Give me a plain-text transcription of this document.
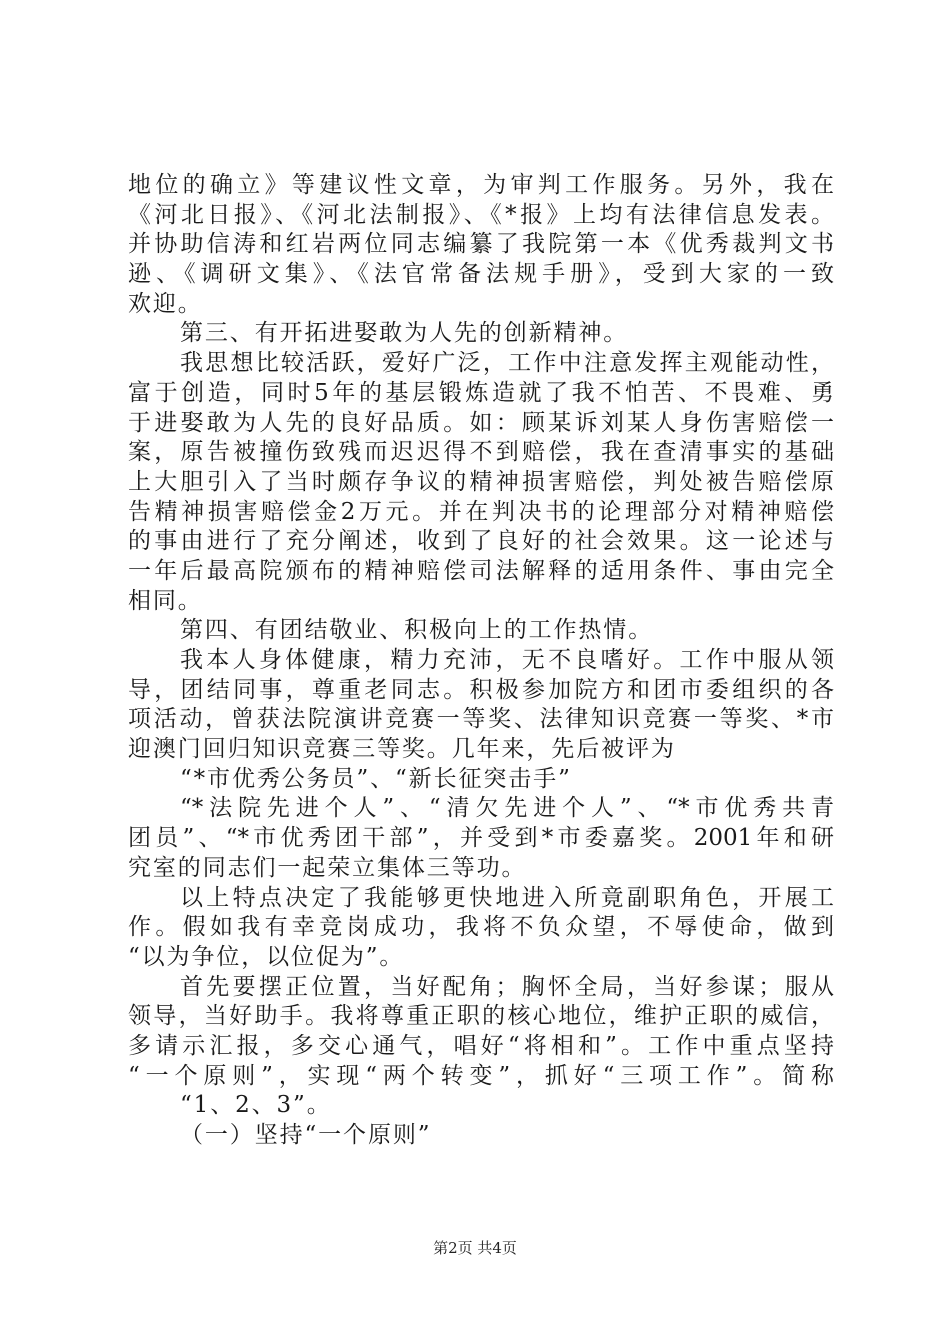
地位的确立》等建议性文章，为审判工作服务。另外，我在
《河北日报》、《河北法制报》、《*报》上均有法律信息发表。
并协助信涛和红岩两位同志编纂了我院第一本《优秀裁判文书
逊、《调研文集》、《法官常备法规手册》，受到大家的一致
欢迎。
第三、有开拓进娶敢为人先的创新精神。
我思想比较活跃，爱好广泛，工作中注意发挥主观能动性，
富于创造，同时5年的基层锻炼造就了我不怕苦、不畏难、勇
于进娶敢为人先的良好品质。如：顾某诉刘某人身伤害赔偿一
案，原告被撞伤致残而迟迟得不到赔偿，我在查清事实的基础
上大胆引入了当时颇存争议的精神损害赔偿，判处被告赔偿原
告精神损害赔偿金2万元。并在判决书的论理部分对精神赔偿
的事由进行了充分阐述，收到了良好的社会效果。这一论述与
一年后最高院颁布的精神赔偿司法解释的适用条件、事由完全
相同。
第四、有团结敬业、积极向上的工作热情。
我本人身体健康，精力充沛，无不良嗜好。工作中服从领
导，团结同事，尊重老同志。积极参加院方和团市委组织的各
项活动，曾获法院演讲竞赛一等奖、法律知识竞赛一等奖、*市
迎澳门回归知识竞赛三等奖。几年来，先后被评为
“*市优秀公务员”、“新长征突击手”
“*法院先进个人”、“清欠先进个人”、“*市优秀共青
团员”、“*市优秀团干部”，并受到*市委嘉奖。2001年和研
究室的同志们一起荣立集体三等功。
以上特点决定了我能够更快地进入所竟副职角色，开展工
作。假如我有幸竞岗成功，我将不负众望，不辱使命，做到
“以为争位，以位促为”。
首先要摆正位置，当好配角；胸怀全局，当好参谋；服从
领导，当好助手。我将尊重正职的核心地位，维护正职的威信，
多请示汇报，多交心通气，唱好“将相和”。工作中重点坚持
“一个原则”，实现“两个转变”，抓好“三项工作”。简称
“1、2、3”。
（一）坚持“一个原则”
第2页 共4页
